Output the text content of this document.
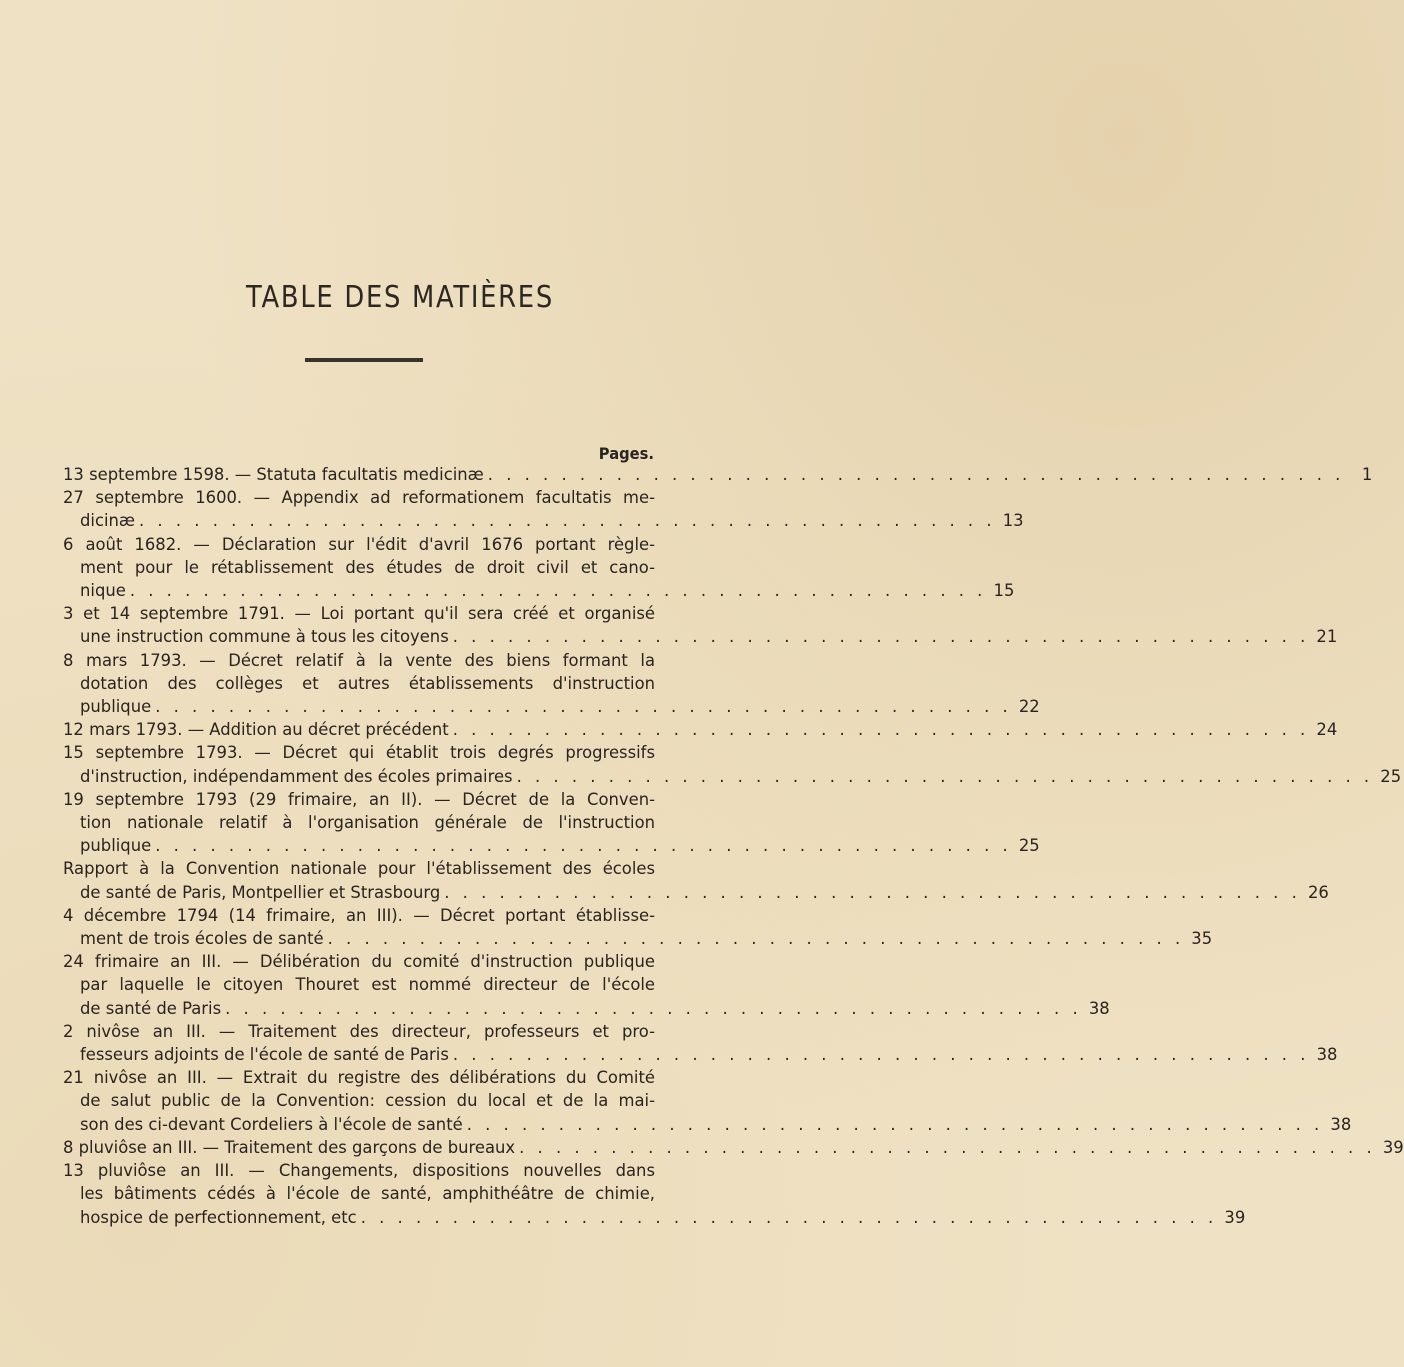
TABLE DES MATIÈRES
Pages.
13 septembre 1598. — Statuta facultatis medicinæ . . . . . . . . . . . . . . . . . . . . . . . . . . . . . . . . . . . . . . . . . . . . . . .	1
27 septembre 1600. — Appendix ad reformationem facultatis me-
dicinæ . . . . . . . . . . . . . . . . . . . . . . . . . . . . . . . . . . . . . . . . . . . . . . . 13
6 août 1682. — Déclaration sur l'édit d'avril 1676 portant règle-
ment pour le rétablissement des études de droit civil et cano-
nique . . . . . . . . . . . . . . . . . . . . . . . . . . . . . . . . . . . . . . . . . . . . . . . 15
3 et 14 septembre 1791. — Loi portant qu'il sera créé et organisé
une instruction commune à tous les citoyens . . . . . . . . . . . . . . . . . . . . . . . . . . . . . . . . . . . . . . . . . . . . . . . 21
8 mars 1793. — Décret relatif à la vente des biens formant la
dotation des collèges et autres établissements d'instruction
publique . . . . . . . . . . . . . . . . . . . . . . . . . . . . . . . . . . . . . . . . . . . . . . . 22
12 mars 1793. — Addition au décret précédent . . . . . . . . . . . . . . . . . . . . . . . . . . . . . . . . . . . . . . . . . . . . . . . 24
15 septembre 1793. — Décret qui établit trois degrés progressifs
d'instruction, indépendamment des écoles primaires . . . . . . . . . . . . . . . . . . . . . . . . . . . . . . . . . . . . . . . . . . . . . . . 25
19 septembre 1793 (29 frimaire, an II). — Décret de la Conven-
tion nationale relatif à l'organisation générale de l'instruction
publique . . . . . . . . . . . . . . . . . . . . . . . . . . . . . . . . . . . . . . . . . . . . . . . 25
Rapport à la Convention nationale pour l'établissement des écoles
de santé de Paris, Montpellier et Strasbourg . . . . . . . . . . . . . . . . . . . . . . . . . . . . . . . . . . . . . . . . . . . . . . . 26
4 décembre 1794 (14 frimaire, an III). — Décret portant établisse-
ment de trois écoles de santé . . . . . . . . . . . . . . . . . . . . . . . . . . . . . . . . . . . . . . . . . . . . . . . 35
24 frimaire an III. — Délibération du comité d'instruction publique
par laquelle le citoyen Thouret est nommé directeur de l'école
de santé de Paris . . . . . . . . . . . . . . . . . . . . . . . . . . . . . . . . . . . . . . . . . . . . . . . 38
2 nivôse an III. — Traitement des directeur, professeurs et pro-
fesseurs adjoints de l'école de santé de Paris . . . . . . . . . . . . . . . . . . . . . . . . . . . . . . . . . . . . . . . . . . . . . . . 38
21 nivôse an III. — Extrait du registre des délibérations du Comité
de salut public de la Convention: cession du local et de la mai-
son des ci-devant Cordeliers à l'école de santé . . . . . . . . . . . . . . . . . . . . . . . . . . . . . . . . . . . . . . . . . . . . . . . 38
8 pluviôse an III. — Traitement des garçons de bureaux . . . . . . . . . . . . . . . . . . . . . . . . . . . . . . . . . . . . . . . . . . . . . . . 39
13 pluviôse an III. — Changements, dispositions nouvelles dans
les bâtiments cédés à l'école de santé, amphithéâtre de chimie,
hospice de perfectionnement, etc . . . . . . . . . . . . . . . . . . . . . . . . . . . . . . . . . . . . . . . . . . . . . . . 39
